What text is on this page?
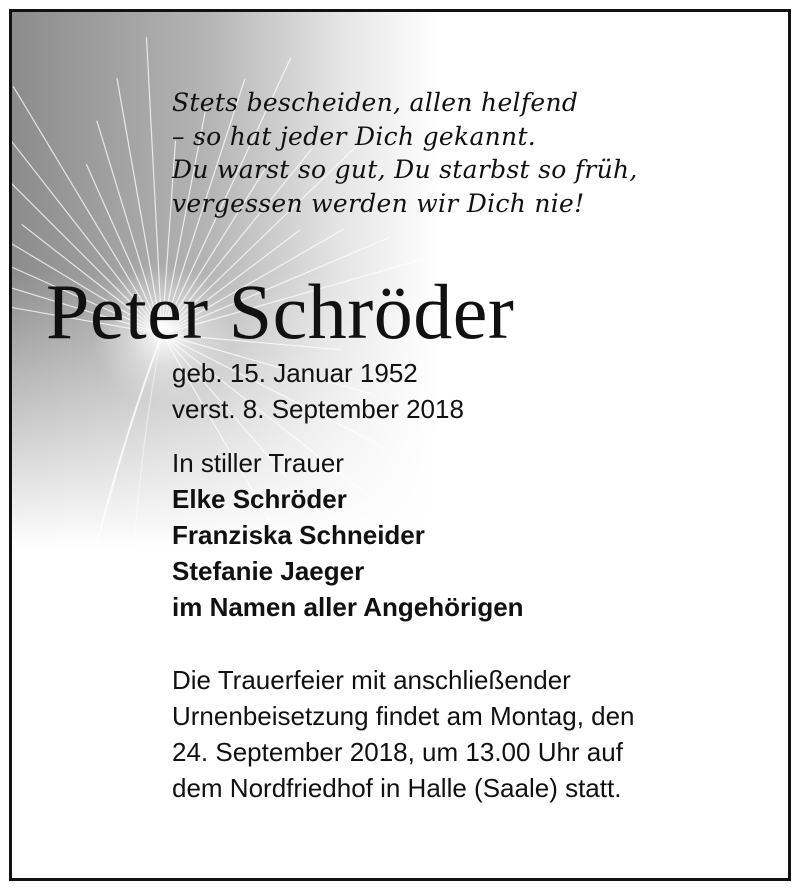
Stets bescheiden, allen helfend
– so hat jeder Dich gekannt.
Du warst so gut, Du starbst so früh,
vergessen werden wir Dich nie!
Peter Schröder
geb. 15. Januar 1952
verst. 8. September 2018
In stiller Trauer
Elke Schröder
Franziska Schneider
Stefanie Jaeger
im Namen aller Angehörigen
Die Trauerfeier mit anschließender
Urnenbeisetzung findet am Montag, den
24. September 2018, um 13.00 Uhr auf
dem Nordfriedhof in Halle (Saale) statt.
